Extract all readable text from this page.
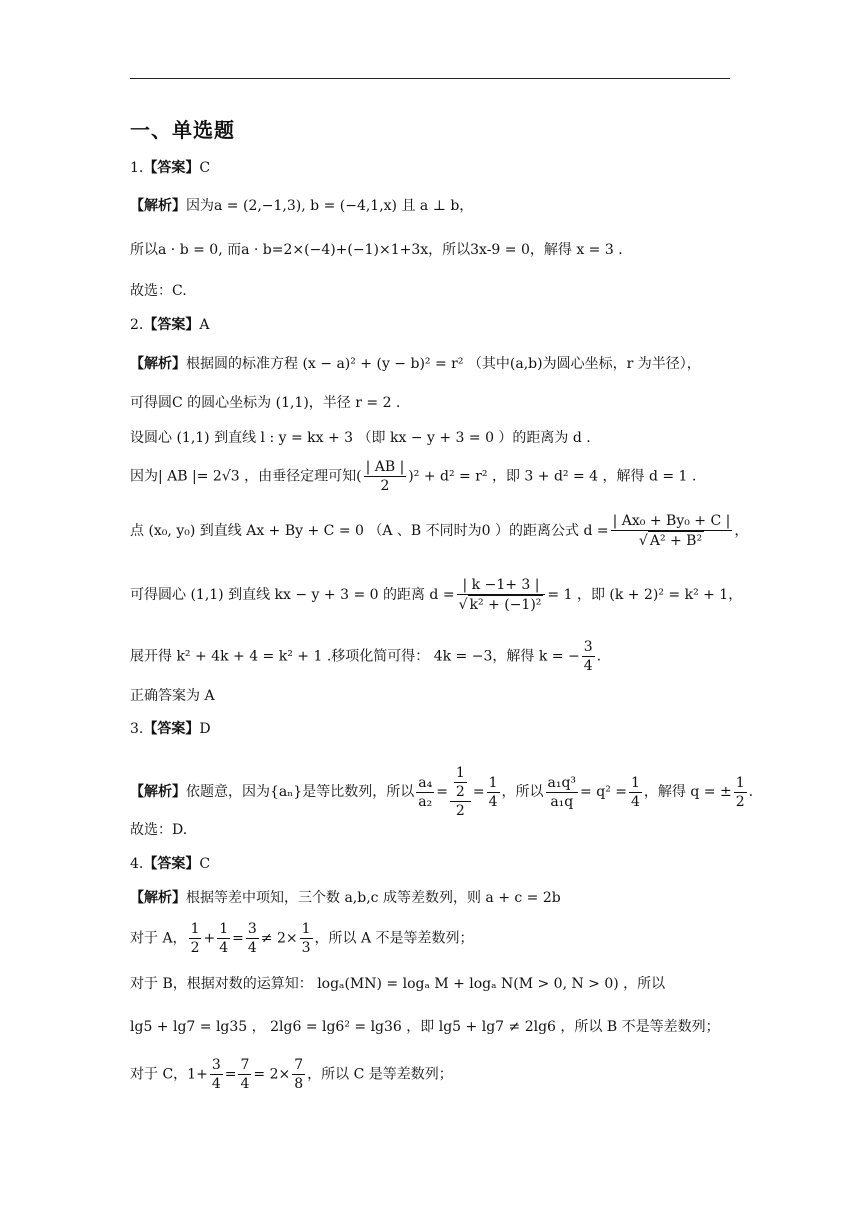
一、单选题
1.【答案】C
【解析】因为a = (2,−1,3), b = (−4,1,x) 且 a ⊥ b，
所以a · b = 0, 而a · b=2×(−4)+(−1)×1+3x，所以3x-9 = 0，解得 x = 3 .
故选：C.
2.【答案】A
【解析】根据圆的标准方程 (x − a)² + (y − b)² = r² （其中(a,b)为圆心坐标，r 为半径），
可得圆C 的圆心坐标为 (1,1)，半径 r = 2 .
设圆心 (1,1) 到直线 l : y = kx + 3 （即 kx − y + 3 = 0 ）的距离为 d .
因为| AB |= 2√3 ，由垂径定理可知( $\frac{| AB |}{2} )^2 + d^2 = r^2$ ，即 3 + d² = 4 ，解得 d = 1 .
点 (x₀, y₀) 到直线 Ax + By + C = 0 （A 、B 不同时为0 ）的距离公式 $d = \frac{\text{| Ax₀ + By₀ + C |}}{\text{√ A² + B²}}$ ，
可得圆心 (1,1) 到直线 kx − y + 3 = 0 的距离 $d = \frac{| k -1+ 3 |}{\text{√ k² + (−1)²}} = 1$ ，即 (k + 2)² = k² + 1，
展开得 k² + 4k + 4 = k² + 1 .移项化简可得： 4k = −3，解得 k = − $\frac{3}{4}$ .
正确答案为 A
3.【答案】D
【解析】依题意，因为{aₙ}是等比数列，所以 $\frac{\text{a₄}}{\text{a₂}} = \frac{\frac{1}{2}}{2} = \frac{1}{4}$ ，所以 $\frac{\text{a₁q³}}{\text{a₁q}} = q^2 = \frac{1}{4}$ ，解得 q = ± $\frac{1}{2}$ .
故选：D.
4.【答案】C
【解析】根据等差中项知，三个数 a,b,c 成等差数列，则 a + c = 2b
对于 A， $\frac{1}{2} + \frac{1}{4} = \frac{3}{4} \ne 2\times \frac{1}{3}$ ，所以 A 不是等差数列；
对于 B，根据对数的运算知： logₐ(MN) = logₐ M + logₐ N(M > 0, N > 0) ，所以
lg5 + lg7 = lg35 ， 2lg6 = lg6² = lg36 ，即 lg5 + lg7 ≠ 2lg6 ，所以 B 不是等差数列；
对于 C，$1+ \frac{3}{4} = \frac{7}{4} = 2\times \frac{7}{8}$ ，所以 C 是等差数列；
